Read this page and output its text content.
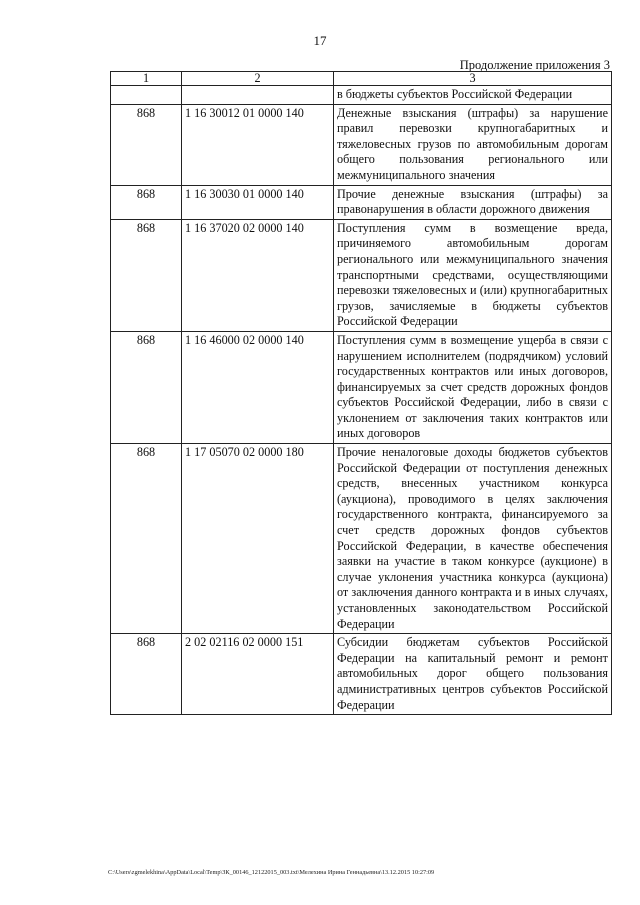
17
Продолжение приложения 3
1	2	3
		в бюджеты субъектов Российской Федерации
868	1 16 30012 01 0000 140	Денежные взыскания (штрафы) за нарушение правил перевозки крупногабаритных и тяжеловесных грузов по автомобильным дорогам общего пользования регионального или межмуниципального значения
868	1 16 30030 01 0000 140	Прочие денежные взыскания (штрафы) за правонарушения в области дорожного движения
868	1 16 37020 02 0000 140	Поступления сумм в возмещение вреда, причиняемого автомобильным дорогам регионального или межмуниципального значения транспортными средствами, осуществляющими перевозки тяжеловесных и (или) крупногабаритных грузов, зачисляемые в бюджеты субъектов Российской Федерации
868	1 16 46000 02 0000 140	Поступления сумм в возмещение ущерба в связи с нарушением исполнителем (подрядчиком) условий государственных контрактов или иных договоров, финансируемых за счет средств дорожных фондов субъектов Российской Федерации, либо в связи с уклонением от заключения таких контрактов или иных договоров
868	1 17 05070 02 0000 180	Прочие неналоговые доходы бюджетов субъектов Российской Федерации от поступления денежных средств, внесенных участником конкурса (аукциона), проводимого в целях заключения государственного контракта, финансируемого за счет средств дорожных фондов субъектов Российской Федерации, в качестве обеспечения заявки на участие в таком конкурсе (аукционе) в случае уклонения участника конкурса (аукциона) от заключения данного контракта и в иных случаях, установленных законодательством Российской Федерации
868	2 02 02116 02 0000 151	Субсидии бюджетам субъектов Российской Федерации на капитальный ремонт и ремонт автомобильных дорог общего пользования административных центров субъектов Российской Федерации
C:\Users\zgmelekhina\AppData\Local\Temp\ЗК_00146_12122015_003.txt\Мелехина Ирина Геннадьевна\13.12.2015 10:27:09
